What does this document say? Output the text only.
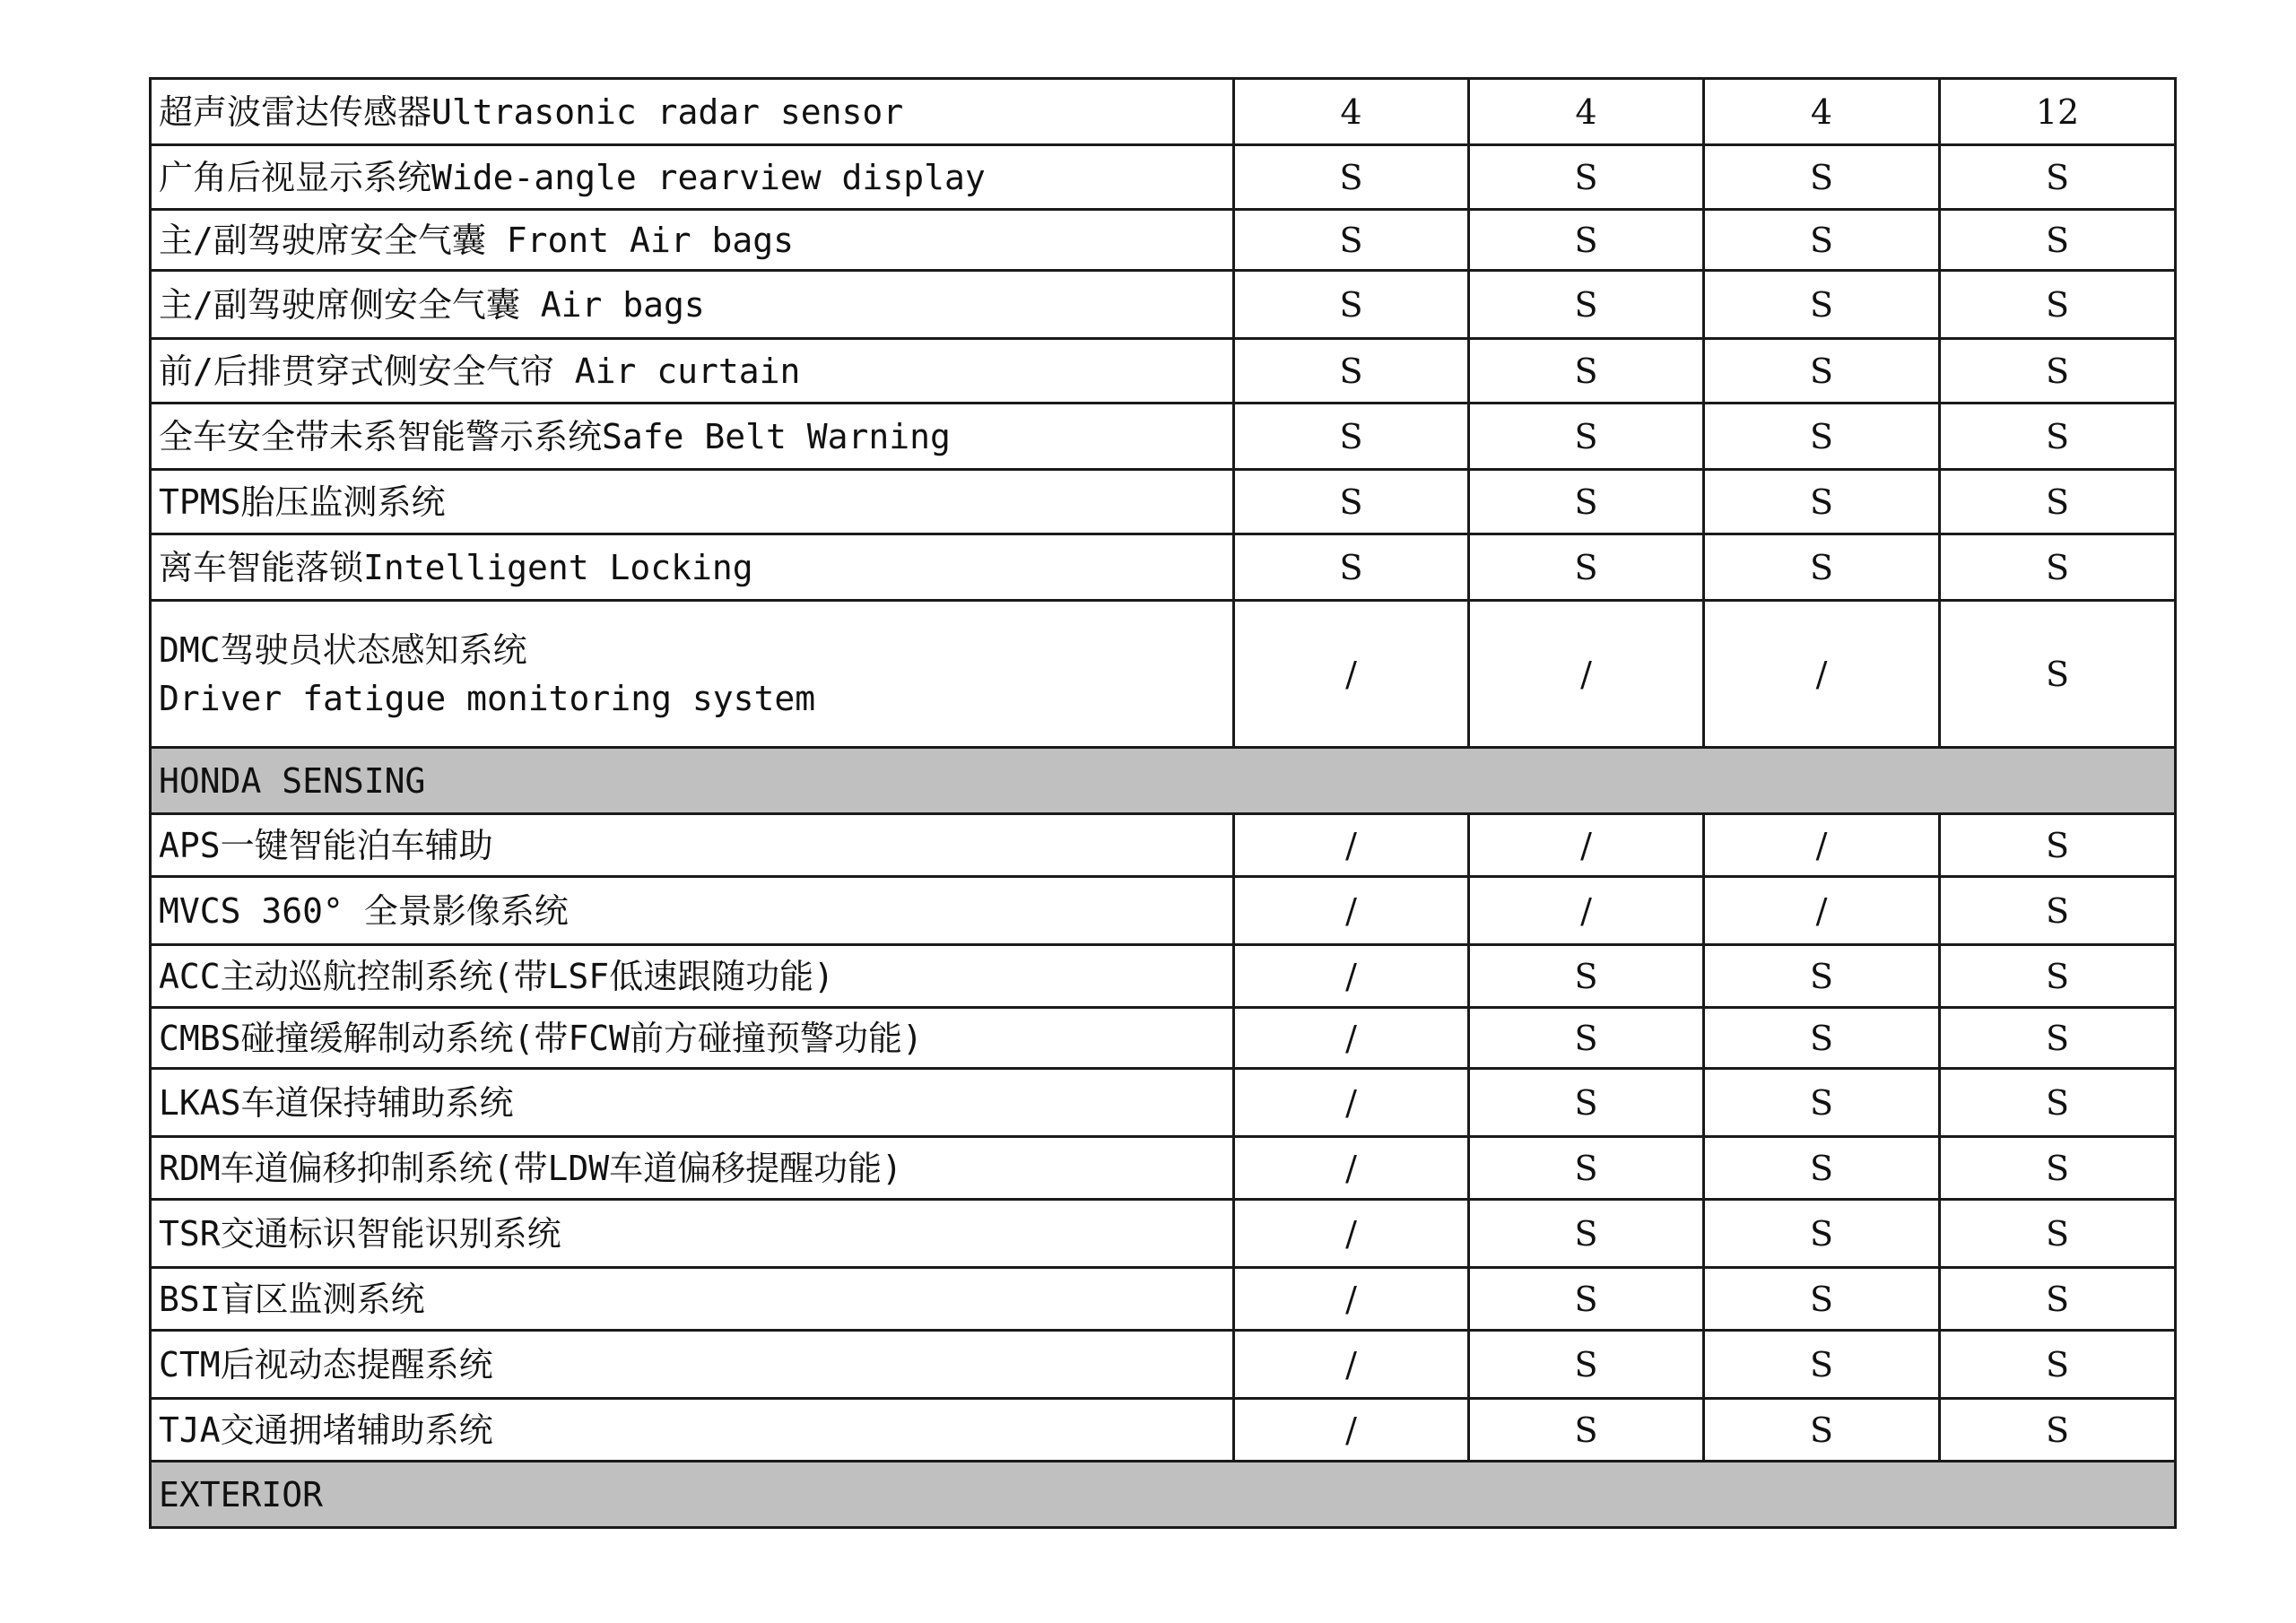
超声波雷达传感器Ultrasonic radar sensor	4	4	4	12
广角后视显示系统Wide-angle rearview display	S	S	S	S
主/副驾驶席安全气囊 Front Air bags	S	S	S	S
主/副驾驶席侧安全气囊 Air bags	S	S	S	S
前/后排贯穿式侧安全气帘 Air curtain	S	S	S	S
全车安全带未系智能警示系统Safe Belt Warning	S	S	S	S
TPMS胎压监测系统	S	S	S	S
离车智能落锁Intelligent Locking	S	S	S	S

DMC驾驶员状态感知系统
Driver fatigue monitoring system	/	/	/	S
HONDA SENSING				
APS一键智能泊车辅助	/	/	/	S
MVCS 360° 全景影像系统	/	/	/	S
ACC主动巡航控制系统(带LSF低速跟随功能)	/	S	S	S
CMBS碰撞缓解制动系统(带FCW前方碰撞预警功能)	/	S	S	S
LKAS车道保持辅助系统	/	S	S	S
RDM车道偏移抑制系统(带LDW车道偏移提醒功能)	/	S	S	S
TSR交通标识智能识别系统	/	S	S	S
BSI盲区监测系统	/	S	S	S
CTM后视动态提醒系统	/	S	S	S
TJA交通拥堵辅助系统	/	S	S	S
EXTERIOR				
